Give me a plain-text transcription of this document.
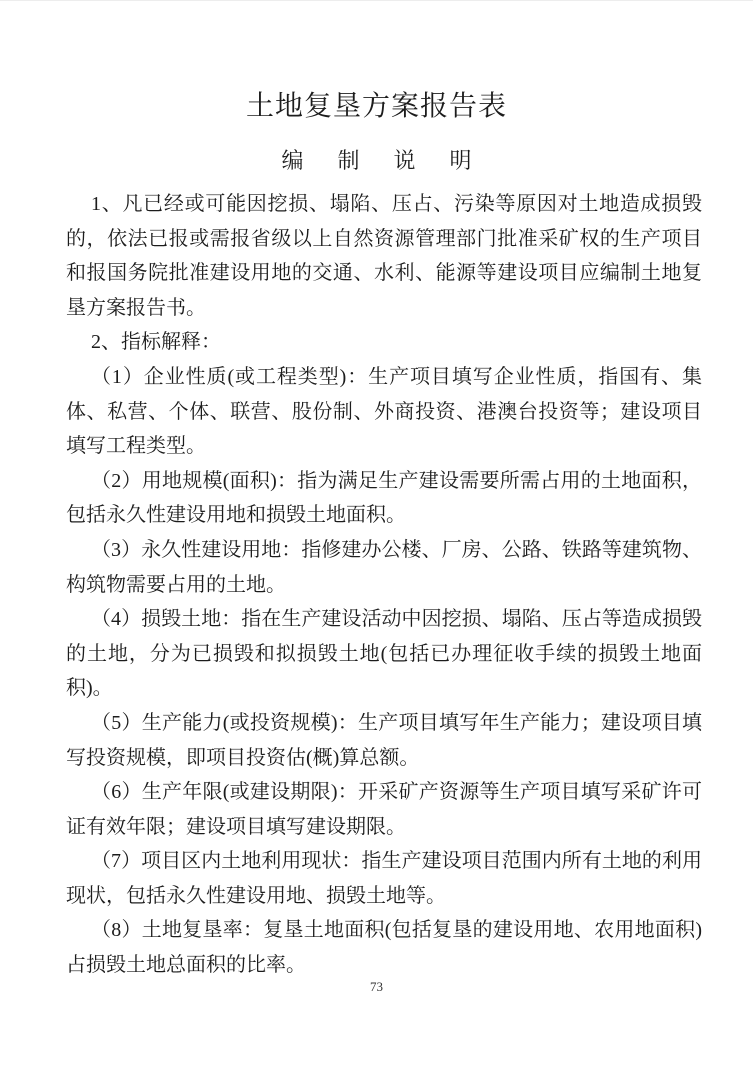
土地复垦方案报告表
编制说明

1、凡已经或可能因挖损、塌陷、压占、污染等原因对土地造成损毁的，依法已报或需报省级以上自然资源管理部门批准采矿权的生产项目和报国务院批准建设用地的交通、水利、能源等建设项目应编制土地复垦方案报告书。

2、指标解释：

（1）企业性质(或工程类型)：生产项目填写企业性质，指国有、集体、私营、个体、联营、股份制、外商投资、港澳台投资等；建设项目填写工程类型。

（2）用地规模(面积)：指为满足生产建设需要所需占用的土地面积，包括永久性建设用地和损毁土地面积。

（3）永久性建设用地：指修建办公楼、厂房、公路、铁路等建筑物、构筑物需要占用的土地。

（4）损毁土地：指在生产建设活动中因挖损、塌陷、压占等造成损毁的土地，分为已损毁和拟损毁土地(包括已办理征收手续的损毁土地面积)。

（5）生产能力(或投资规模)：生产项目填写年生产能力；建设项目填写投资规模，即项目投资估(概)算总额。

（6）生产年限(或建设期限)：开采矿产资源等生产项目填写采矿许可证有效年限；建设项目填写建设期限。

（7）项目区内土地利用现状：指生产建设项目范围内所有土地的利用现状，包括永久性建设用地、损毁土地等。

（8）土地复垦率：复垦土地面积(包括复垦的建设用地、农用地面积)占损毁土地总面积的比率。

73
